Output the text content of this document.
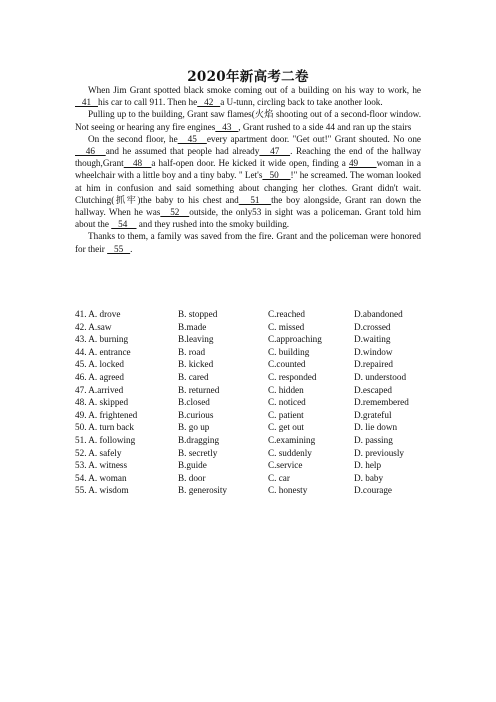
2020年新高考二卷

When Jim Grant spotted black smoke coming out of a building on his way to work, he   41   his car to call 911. Then he   42   a U-tunn, circling back to take another look.

Pulling up to the building, Grant saw flames(火焰 shooting out of a second-floor window. Not seeing or hearing any fire engines   43   , Grant rushed to a side 44 and ran up the stairs

On the second floor, he   45   every apartment door. "Get out!" Grant shouted. No one   46   and he assumed that people had already   47   . Reaching the end of the hallway though,Grant   48   a half-open door. He kicked it wide open, finding a 49      woman in a wheelchair with a little boy and a tiny baby. " Let's   50     !" he screamed. The woman looked at him in confusion and said something about changing her clothes. Grant didn't wait. Clutching(抓牢)the baby to his chest and   51   the boy alongside, Grant ran down the hallway. When he was   52   outside, the only53 in sight was a policeman. Grant told him about the    54     and they rushed into the smoky building.

Thanks to them, a family was saved from the fire. Grant and the policeman were honored for their    55   .

41. A. drove	B. stopped	C.reached	D.abandoned
42. A.saw	B.made	C. missed	D.crossed
43. A. burning	B.leaving	C.approaching	D.waiting
44. A. entrance	B. road	C. building	D.window
45. A. locked	B. kicked	C.counted	D.repaired
46. A. agreed	B. cared	C. responded	D. understood
47. A.arrived	B. returned	C. hidden	D.escaped
48. A. skipped	B.closed	C. noticed	D.remembered
49. A. frightened	B.curious	C. patient	D.grateful
50. A. turn back	B. go up	C. get out	D. lie down
51. A. following	B.dragging	C.examining	D. passing
52. A. safely	B. secretly	C. suddenly	D. previously
53. A. witness	B.guide	C.service	D. help
54. A. woman	B. door	C. car	D. baby
55. A. wisdom	B. generosity	C. honesty	D.courage
